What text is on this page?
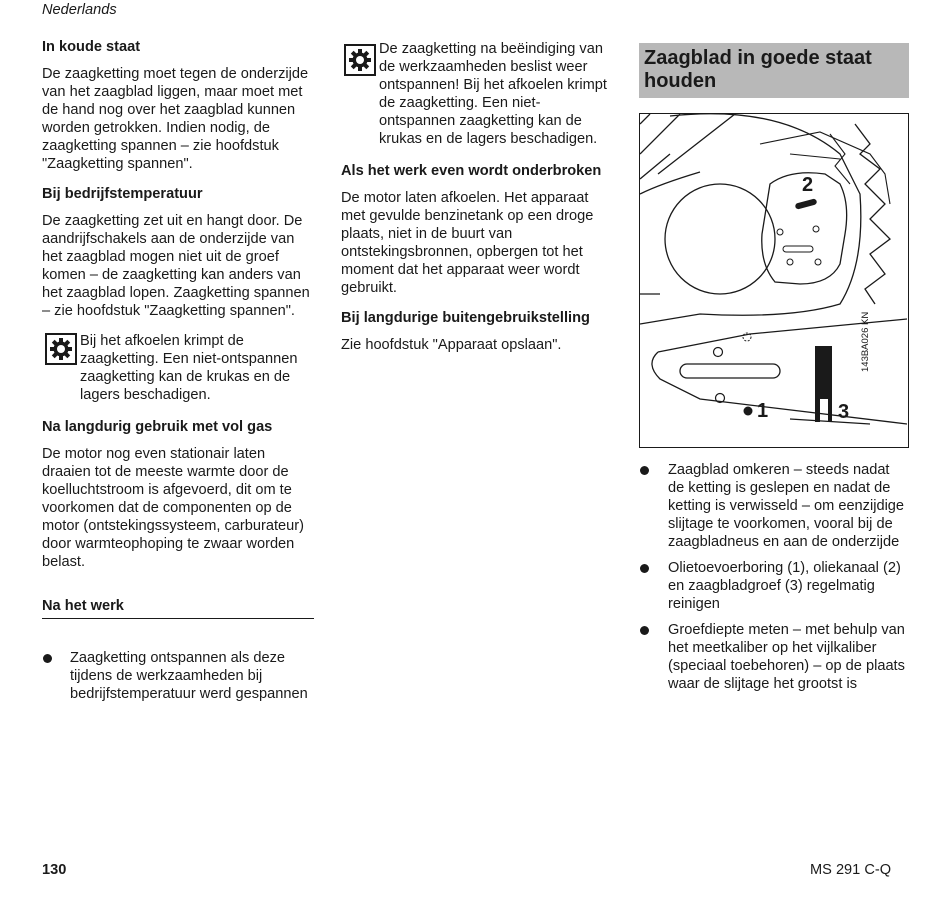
Nederlands
In koude staat

De zaagketting moet tegen de onderzijde van het zaagblad liggen, maar moet met de hand nog over het zaagblad kunnen worden getrokken. Indien nodig, de zaagketting spannen – zie hoofdstuk "Zaagketting spannen".

Bij bedrijfstemperatuur

De zaagketting zet uit en hangt door. De aandrijfschakels aan de onderzijde van het zaagblad mogen niet uit de groef komen – de zaagketting kan anders van het zaagblad lopen. Zaagketting spannen – zie hoofdstuk "Zaagketting spannen".

Bij het afkoelen krimpt de zaagketting. Een niet-ontspannen zaagketting kan de krukas en de lagers beschadigen.
Na langdurig gebruik met vol gas

De motor nog even stationair laten draaien tot de meeste warmte door de koelluchtstroom is afgevoerd, dit om te voorkomen dat de componenten op de motor (ontstekingssysteem, carburateur) door warmteophoping te zwaar worden belast.

Na het werk
Zaagketting ontspannen als deze tijdens de werkzaamheden bij bedrijfstemperatuur werd gespannen
De zaagketting na beëindiging van de werkzaamheden beslist weer ontspannen! Bij het afkoelen krimpt de zaagketting. Een niet-ontspannen zaagketting kan de krukas en de lagers beschadigen.
Als het werk even wordt onderbroken

De motor laten afkoelen. Het apparaat met gevulde benzinetank op een droge plaats, niet in de buurt van ontstekingsbronnen, opbergen tot het moment dat het apparaat weer wordt gebruikt.

Bij langdurige buitengebruikstelling

Zie hoofdstuk "Apparaat opslaan".

Zaagblad in goede staat houden
2
1	3
143BA026 KN
Zaagblad omkeren – steeds nadat de ketting is geslepen en nadat de ketting is verwisseld – om eenzijdige slijtage te voorkomen, vooral bij de zaagbladneus en aan de onderzijde
Olietoevoerboring (1), oliekanaal (2) en zaagbladgroef (3) regelmatig reinigen
Groefdiepte meten – met behulp van het meetkaliber op het vijlkaliber (speciaal toebehoren) – op de plaats waar de slijtage het grootst is
130	MS 291 C-Q
